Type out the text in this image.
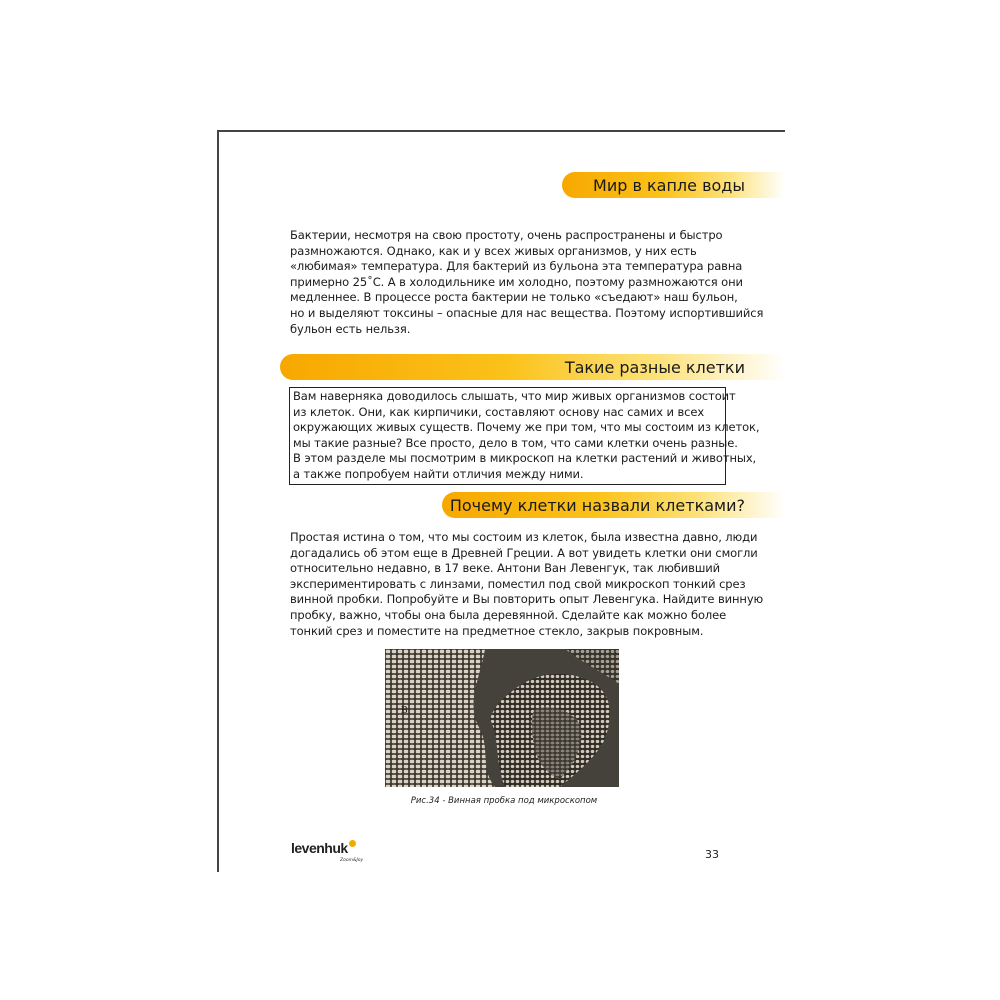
Мир в капле воды
Бактерии, несмотря на свою простоту, очень распространены и быстро
размножаются. Однако, как и у всех живых организмов, у них есть
«любимая» температура. Для бактерий из бульона эта температура равна
примерно 25˚С. А в холодильнике им холодно, поэтому размножаются они
медленнее. В процессе роста бактерии не только «съедают» наш бульон,
но и выделяют токсины – опасные для нас вещества. Поэтому испортившийся
бульон есть нельзя.
Такие разные клетки
Вам наверняка доводилось слышать, что мир живых организмов состоит
из клеток. Они, как кирпичики, составляют основу нас самих и всех
окружающих живых существ. Почему же при том, что мы состоим из клеток,
мы такие разные? Все просто, дело в том, что сами клетки очень разные.
В этом разделе мы посмотрим в микроскоп на клетки растений и животных,
а также попробуем найти отличия между ними.
Почему клетки назвали клетками?
Простая истина о том, что мы состоим из клеток, была известна давно, люди
догадались об этом еще в Древней Греции. А вот увидеть клетки они смогли
относительно недавно, в 17 веке. Антони Ван Левенгук, так любивший
экспериментировать с линзами, поместил под свой микроскоп тонкий срез
винной пробки. Попробуйте и Вы повторить опыт Левенгука. Найдите винную
пробку, важно, чтобы она была деревянной. Сделайте как можно более
тонкий срез и поместите на предметное стекло, закрыв покровным.
B
Рис.34 - Винная пробка под микроскопом
levenhuk
Zoom&Joy	33
